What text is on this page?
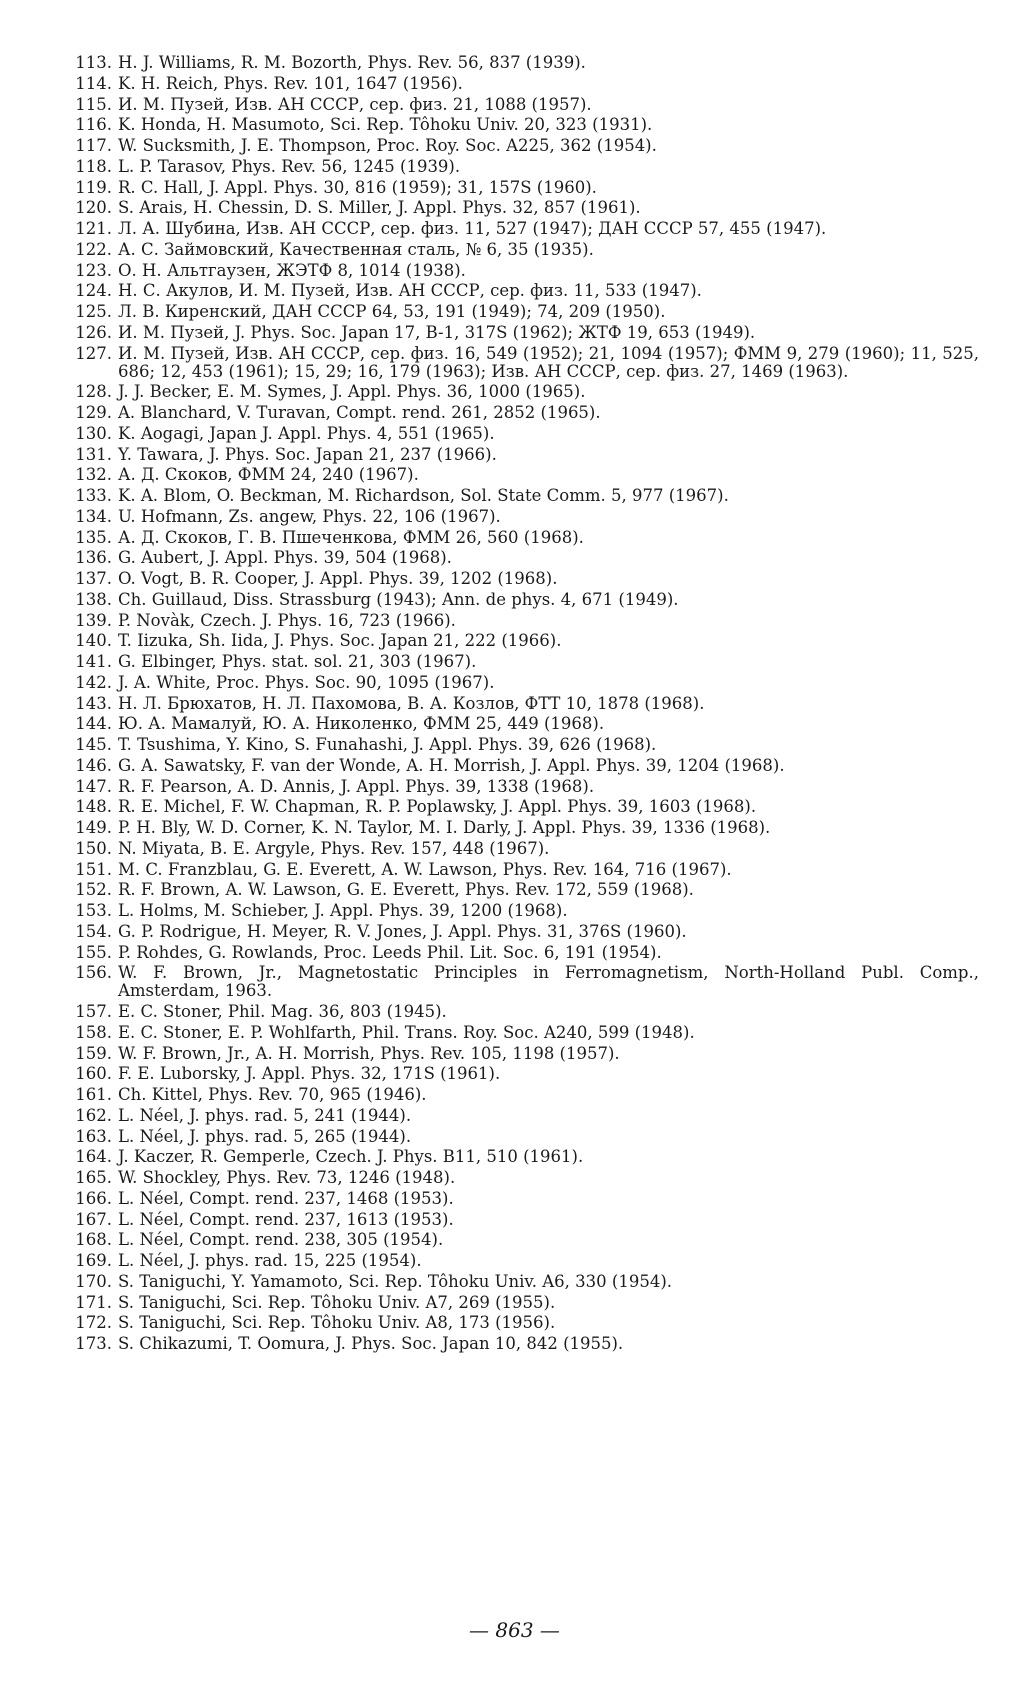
113. H. J. Williams, R. M. Bozorth, Phys. Rev. 56, 837 (1939).
114. K. H. Reich, Phys. Rev. 101, 1647 (1956).
115. И. М. Пузей, Изв. АН СССР, сер. физ. 21, 1088 (1957).
116. K. Honda, H. Masumoto, Sci. Rep. Tôhoku Univ. 20, 323 (1931).
117. W. Sucksmith, J. E. Thompson, Proc. Roy. Soc. A225, 362 (1954).
118. L. P. Tarasov, Phys. Rev. 56, 1245 (1939).
119. R. C. Hall, J. Appl. Phys. 30, 816 (1959); 31, 157S (1960).
120. S. Arais, H. Chessin, D. S. Miller, J. Appl. Phys. 32, 857 (1961).
121. Л. А. Шубина, Изв. АН СССР, сер. физ. 11, 527 (1947); ДАН СССР 57, 455 (1947).
122. А. С. Займовский, Качественная сталь, № 6, 35 (1935).
123. О. Н. Альтгаузен, ЖЭТФ 8, 1014 (1938).
124. Н. С. Акулов, И. М. Пузей, Изв. АН СССР, сер. физ. 11, 533 (1947).
125. Л. В. Киренский, ДАН СССР 64, 53, 191 (1949); 74, 209 (1950).
126. И. М. Пузей, J. Phys. Soc. Japan 17, B-1, 317S (1962); ЖТФ 19, 653 (1949).
127. И. М. Пузей, Изв. АН СССР, сер. физ. 16, 549 (1952); 21, 1094 (1957); ФММ 9, 279 (1960); 11, 525, 686; 12, 453 (1961); 15, 29; 16, 179 (1963); Изв. АН СССР, сер. физ. 27, 1469 (1963).
128. J. J. Becker, E. M. Symes, J. Appl. Phys. 36, 1000 (1965).
129. A. Blanchard, V. Turavan, Compt. rend. 261, 2852 (1965).
130. K. Aogagi, Japan J. Appl. Phys. 4, 551 (1965).
131. Y. Tawara, J. Phys. Soc. Japan 21, 237 (1966).
132. А. Д. Скоков, ФММ 24, 240 (1967).
133. K. A. Blom, O. Beckman, M. Richardson, Sol. State Comm. 5, 977 (1967).
134. U. Hofmann, Zs. angew, Phys. 22, 106 (1967).
135. А. Д. Скоков, Г. В. Пшеченкова, ФММ 26, 560 (1968).
136. G. Aubert, J. Appl. Phys. 39, 504 (1968).
137. O. Vogt, B. R. Cooper, J. Appl. Phys. 39, 1202 (1968).
138. Ch. Guillaud, Diss. Strassburg (1943); Ann. de phys. 4, 671 (1949).
139. P. Novàk, Czech. J. Phys. 16, 723 (1966).
140. T. Iizuka, Sh. Iida, J. Phys. Soc. Japan 21, 222 (1966).
141. G. Elbinger, Phys. stat. sol. 21, 303 (1967).
142. J. A. White, Proc. Phys. Soc. 90, 1095 (1967).
143. Н. Л. Брюхатов, Н. Л. Пахомова, В. А. Козлов, ФТТ 10, 1878 (1968).
144. Ю. А. Мамалуй, Ю. А. Николенко, ФММ 25, 449 (1968).
145. T. Tsushima, Y. Kino, S. Funahashi, J. Appl. Phys. 39, 626 (1968).
146. G. A. Sawatsky, F. van der Wonde, A. H. Morrish, J. Appl. Phys. 39, 1204 (1968).
147. R. F. Pearson, A. D. Annis, J. Appl. Phys. 39, 1338 (1968).
148. R. E. Michel, F. W. Chapman, R. P. Poplawsky, J. Appl. Phys. 39, 1603 (1968).
149. P. H. Bly, W. D. Corner, K. N. Taylor, M. I. Darly, J. Appl. Phys. 39, 1336 (1968).
150. N. Miyata, B. E. Argyle, Phys. Rev. 157, 448 (1967).
151. M. C. Franzblau, G. E. Everett, A. W. Lawson, Phys. Rev. 164, 716 (1967).
152. R. F. Brown, A. W. Lawson, G. E. Everett, Phys. Rev. 172, 559 (1968).
153. L. Holms, M. Schieber, J. Appl. Phys. 39, 1200 (1968).
154. G. P. Rodrigue, H. Meyer, R. V. Jones, J. Appl. Phys. 31, 376S (1960).
155. P. Rohdes, G. Rowlands, Proc. Leeds Phil. Lit. Soc. 6, 191 (1954).
156. W. F. Brown, Jr., Magnetostatic Principles in Ferromagnetism, North-Holland Publ. Comp., Amsterdam, 1963.
157. E. C. Stoner, Phil. Mag. 36, 803 (1945).
158. E. C. Stoner, E. P. Wohlfarth, Phil. Trans. Roy. Soc. A240, 599 (1948).
159. W. F. Brown, Jr., A. H. Morrish, Phys. Rev. 105, 1198 (1957).
160. F. E. Luborsky, J. Appl. Phys. 32, 171S (1961).
161. Ch. Kittel, Phys. Rev. 70, 965 (1946).
162. L. Néel, J. phys. rad. 5, 241 (1944).
163. L. Néel, J. phys. rad. 5, 265 (1944).
164. J. Kaczer, R. Gemperle, Czech. J. Phys. B11, 510 (1961).
165. W. Shockley, Phys. Rev. 73, 1246 (1948).
166. L. Néel, Compt. rend. 237, 1468 (1953).
167. L. Néel, Compt. rend. 237, 1613 (1953).
168. L. Néel, Compt. rend. 238, 305 (1954).
169. L. Néel, J. phys. rad. 15, 225 (1954).
170. S. Taniguchi, Y. Yamamoto, Sci. Rep. Tôhoku Univ. A6, 330 (1954).
171. S. Taniguchi, Sci. Rep. Tôhoku Univ. A7, 269 (1955).
172. S. Taniguchi, Sci. Rep. Tôhoku Univ. A8, 173 (1956).
173. S. Chikazumi, T. Oomura, J. Phys. Soc. Japan 10, 842 (1955).
— 863 —
